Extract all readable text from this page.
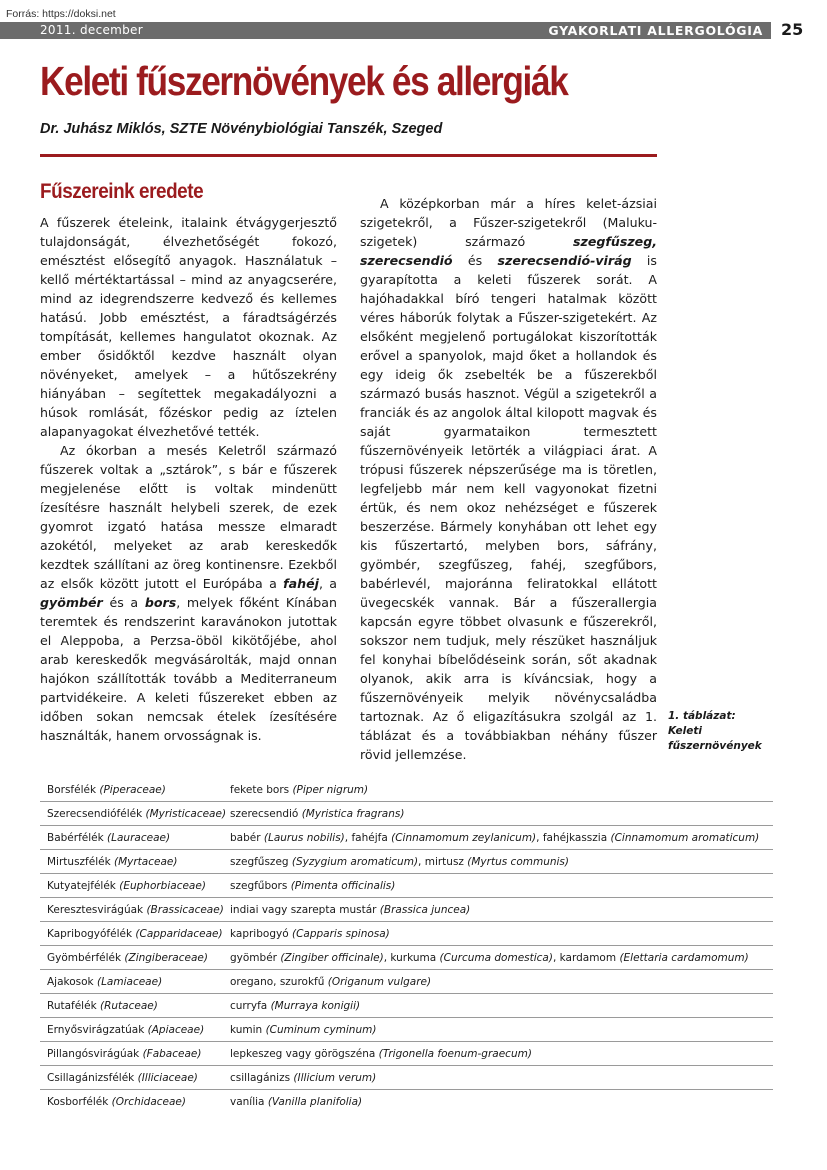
Forrás: https://doksi.net
2011. december	GYAKORLATI ALLERGOLÓGIA 25
Keleti fűszernövények és allergiák
Dr. Juhász Miklós, SZTE Növénybiológiai Tanszék, Szeged
Fűszereink eredete

A fűszerek ételeink, italaink étvágygerjesztő tulajdonságát, élvezhetőségét fokozó, emésztést elősegítő anyagok. Használatuk – kellő mértéktartással – mind az anyagcserére, mind az idegrendszerre kedvező és kellemes hatású. Jobb emésztést, a fáradtságérzés tompítását, kellemes hangulatot okoznak. Az ember ősidőktől kezdve használt olyan növényeket, amelyek – a hűtőszekrény hiányában – segítettek megakadályozni a húsok romlását, főzéskor pedig az íztelen alapanyagokat élvezhetővé tették.

Az ókorban a mesés Keletről származó fűszerek voltak a „sztárok”, s bár e fűszerek megjelenése előtt is voltak mindenütt ízesítésre használt helybeli szerek, de ezek gyomrot izgató hatása messze elmaradt azokétól, melyeket az arab kereskedők kezdtek szállítani az öreg kontinensre. Ezekből az elsők között jutott el Európába a fahéj, a gyömbér és a bors, melyek főként Kínában teremtek és rendszerint karavánokon jutottak el Aleppoba, a Perzsa-öböl kikötőjébe, ahol arab kereskedők megvásárolták, majd onnan hajókon szállították tovább a Mediterraneum partvidékeire. A keleti fűszereket ebben az időben sokan nemcsak ételek ízesítésére használták, hanem orvosságnak is.

A középkorban már a híres kelet-ázsiai szigetekről, a Fűszer-szigetekről (Maluku-szigetek) származó szegfűszeg, szerecsendió és szerecsendió-virág is gyarapította a keleti fűszerek sorát. A hajóhadakkal bíró tengeri hatalmak között véres háborúk folytak a Fűszer-szigetekért. Az elsőként megjelenő portugálokat kiszorították erővel a spanyolok, majd őket a hollandok és egy ideig ők zsebelték be a fűszerekből származó busás hasznot. Végül a szigetekről a franciák és az angolok által kilopott magvak és saját gyarmataikon termesztett fűszernövényeik letörték a világpiaci árat. A trópusi fűszerek népszerűsége ma is töretlen, legfeljebb már nem kell vagyonokat fizetni értük, és nem okoz nehézséget e fűszerek beszerzése. Bármely konyhában ott lehet egy kis fűszertartó, melyben bors, sáfrány, gyömbér, szegfűszeg, fahéj, szegfűbors, babérlevél, majoránna feliratokkal ellátott üvegecskék vannak. Bár a fűszerallergia kapcsán egyre többet olvasunk e fűszerekről, sokszor nem tudjuk, mely részüket használjuk fel konyhai bíbelődéseink során, sőt akadnak olyanok, akik arra is kíváncsiak, hogy a fűszernövényeik melyik növénycsaládba tartoznak. Az ő eligazításukra szolgál az 1. táblázat és a továbbiakban néhány fűszer rövid jellemzése.

1. táblázat:
Keleti
fűszernövények
Borsfélék (Piperaceae)	fekete bors (Piper nigrum)
Szerecsendiófélék (Myristicaceae) szerecsendió (Myristica fragrans)
Babérfélék (Lauraceae)	babér (Laurus nobilis), fahéjfa (Cinnamomum zeylanicum), fahéjkasszia (Cinnamomum aromaticum)
Mirtuszfélék (Myrtaceae)	szegfűszeg (Syzygium aromaticum), mirtusz (Myrtus communis)
Kutyatejfélék (Euphorbiaceae)	szegfűbors (Pimenta officinalis)
Keresztesvirágúak (Brassicaceae) indiai vagy szarepta mustár (Brassica juncea)
Kapribogyófélék (Capparidaceae) kapribogyó (Capparis spinosa)
Gyömbérfélék (Zingiberaceae)	gyömbér (Zingiber officinale), kurkuma (Curcuma domestica), kardamom (Elettaria cardamomum)
Ajakosok (Lamiaceae)	oregano, szurokfű (Origanum vulgare)
Rutafélék (Rutaceae)	curryfa (Murraya konigii)
Ernyősvirágzatúak (Apiaceae)	kumin (Cuminum cyminum)
Pillangósvirágúak (Fabaceae)	lepkeszeg vagy görögszéna (Trigonella foenum-graecum)
Csillagánizsfélék (Illiciaceae)	csillagánizs (Illicium verum)
Kosborfélék (Orchidaceae)	vanília (Vanilla planifolia)
